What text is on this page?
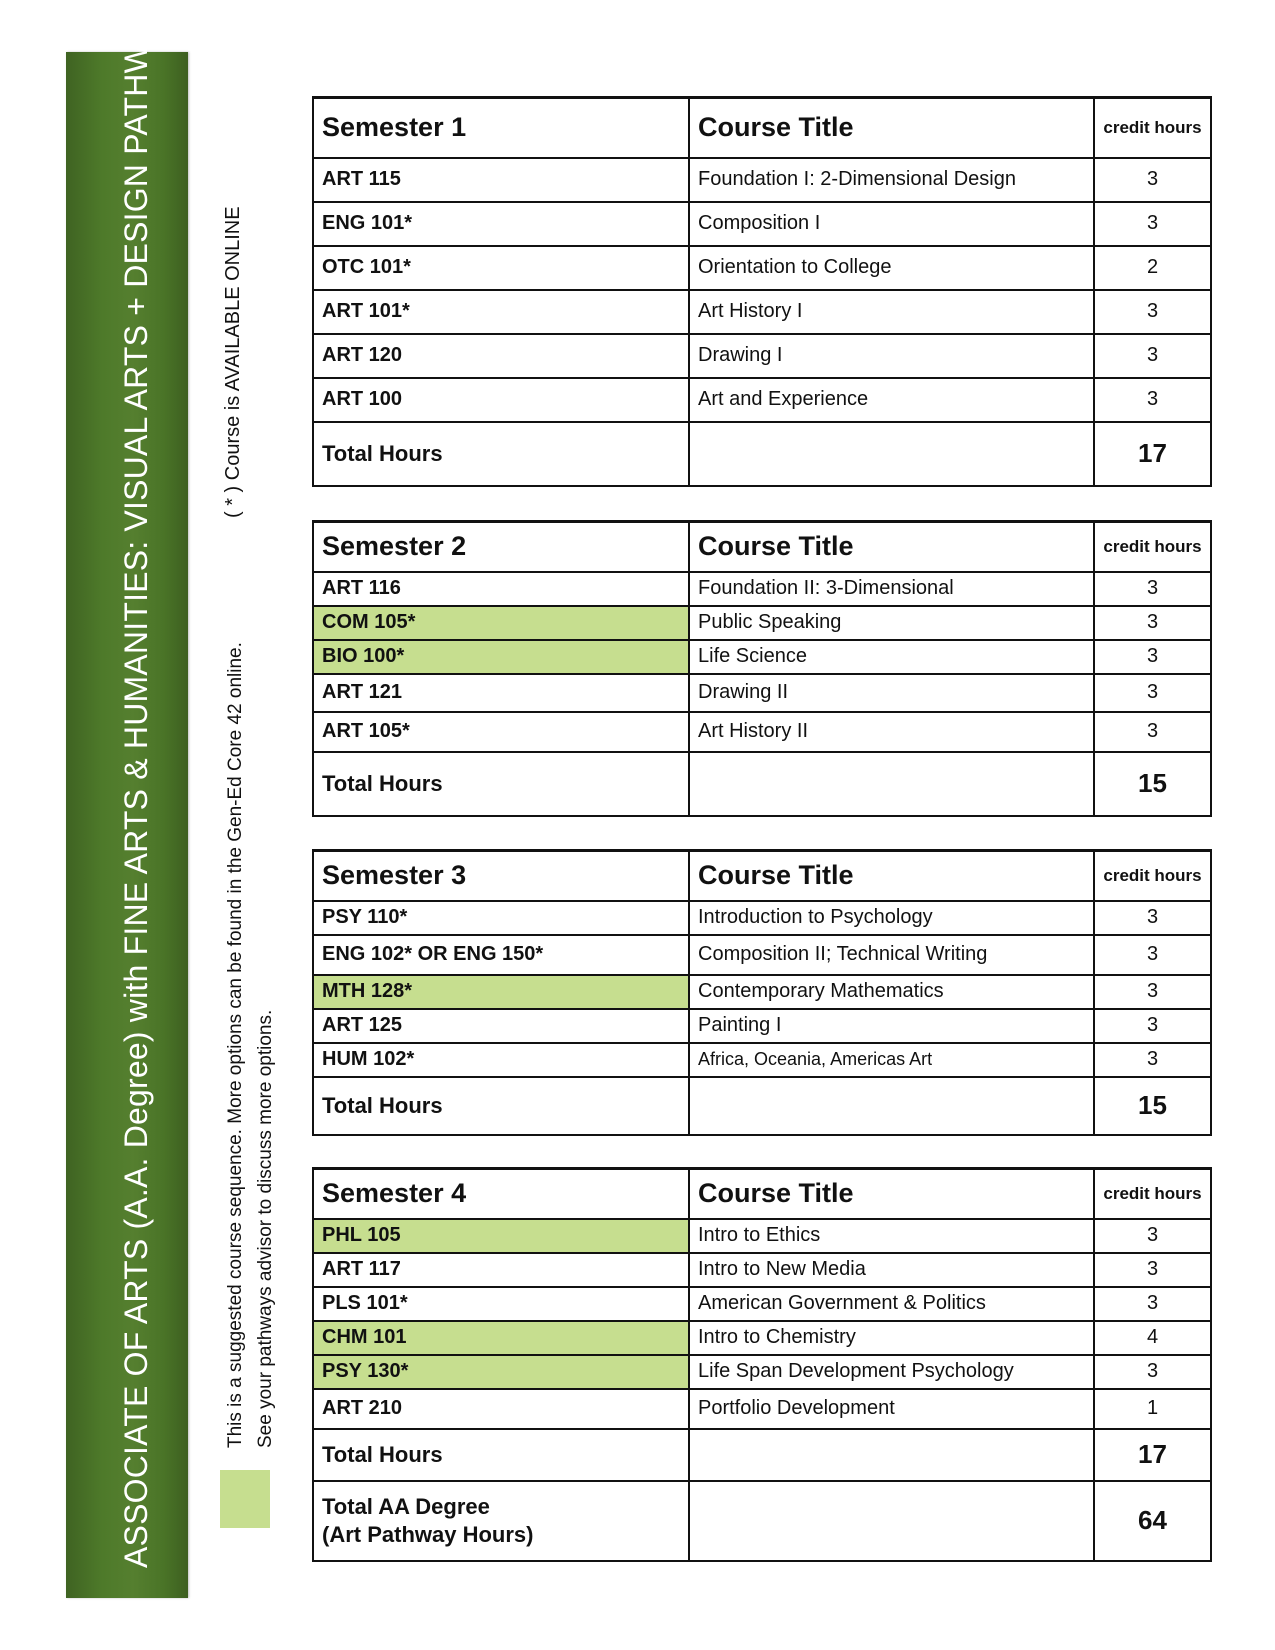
ASSOCIATE OF ARTS (A.A. Degree) with FINE ARTS & HUMANITIES: VISUAL ARTS + DESIGN PATHWAY	( * ) Course is AVAILABLE ONLINE
This is a suggested course sequence. More options can be found in the Gen-Ed Core 42 online. See your pathways advisor to discuss more options.
Semester 1	Course Title	credit hours
ART 115	Foundation I: 2-Dimensional Design	3
ENG 101*	Composition I	3
OTC 101*	Orientation to College	2
ART 101*	Art History I	3
ART 120	Drawing I	3
ART 100	Art and Experience	3
Total Hours		17
Semester 2	Course Title	credit hours
ART 116	Foundation II: 3-Dimensional	3
COM 105*	Public Speaking	3
BIO 100*	Life Science	3
ART 121	Drawing II	3
ART 105*	Art History II	3
Total Hours		15
Semester 3	Course Title	credit hours
PSY 110*	Introduction to Psychology	3
ENG 102* OR ENG 150*	Composition II; Technical Writing	3
MTH 128*	Contemporary Mathematics	3
ART 125	Painting I	3
HUM 102*	Africa, Oceania, Americas Art	3
Total Hours		15
Semester 4	Course Title	credit hours
PHL 105	Intro to Ethics	3
ART 117	Intro to New Media	3
PLS 101*	American Government & Politics	3
CHM 101	Intro to Chemistry	4
PSY 130*	Life Span Development Psychology	3
ART 210	Portfolio Development	1
Total Hours		17
Total AA Degree
(Art Pathway Hours)		64
